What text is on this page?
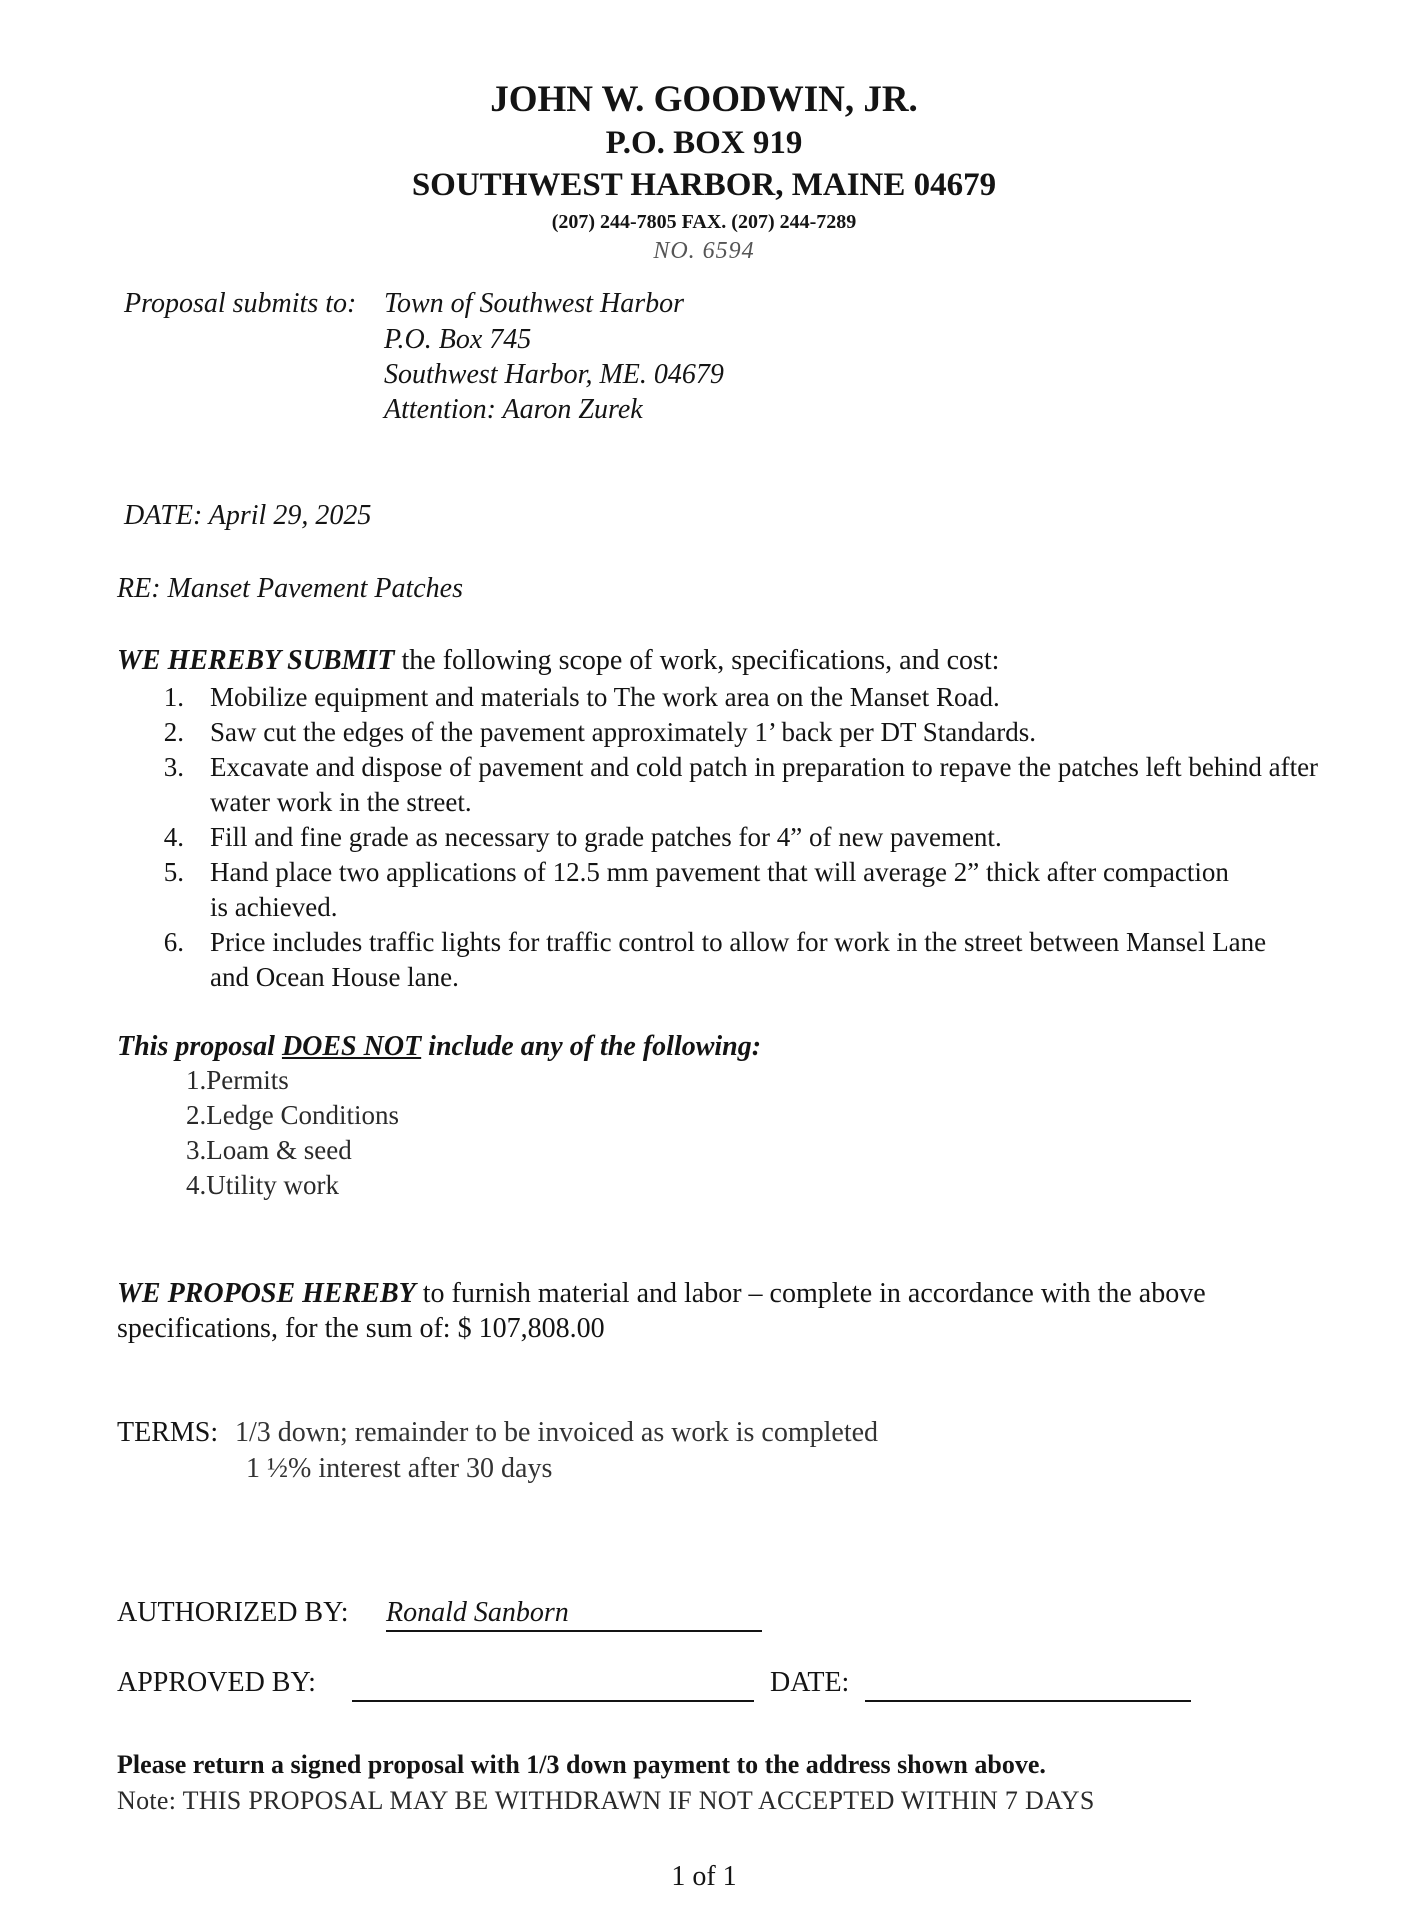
JOHN W. GOODWIN, JR.
P.O. BOX 919
SOUTHWEST HARBOR, MAINE 04679
(207) 244-7805 FAX. (207) 244-7289
NO. 6594
Proposal submits to: Town of Southwest Harbor
P.O. Box 745
Southwest Harbor, ME. 04679
Attention: Aaron Zurek
DATE: April 29, 2025
RE: Manset Pavement Patches
WE HEREBY SUBMIT the following scope of work, specifications, and cost:
1. Mobilize equipment and materials to The work area on the Manset Road.
2. Saw cut the edges of the pavement approximately 1’ back per DT Standards.
3. Excavate and dispose of pavement and cold patch in preparation to repave the patches left behind after water work in the street.
4. Fill and fine grade as necessary to grade patches for 4” of new pavement.
5. Hand place two applications of 12.5 mm pavement that will average 2” thick after compaction is achieved.
6. Price includes traffic lights for traffic control to allow for work in the street between Mansel Lane and Ocean House lane.
This proposal DOES NOT include any of the following:
1.Permits
2.Ledge Conditions
3.Loam & seed
4.Utility work
WE PROPOSE HEREBY to furnish material and labor – complete in accordance with the above specifications, for the sum of: $ 107,808.00
TERMS: 1/3 down; remainder to be invoiced as work is completed
1 ½% interest after 30 days
AUTHORIZED BY: Ronald Sanborn
APPROVED BY:	DATE:
Please return a signed proposal with 1/3 down payment to the address shown above.
Note: THIS PROPOSAL MAY BE WITHDRAWN IF NOT ACCEPTED WITHIN 7 DAYS
1 of 1
